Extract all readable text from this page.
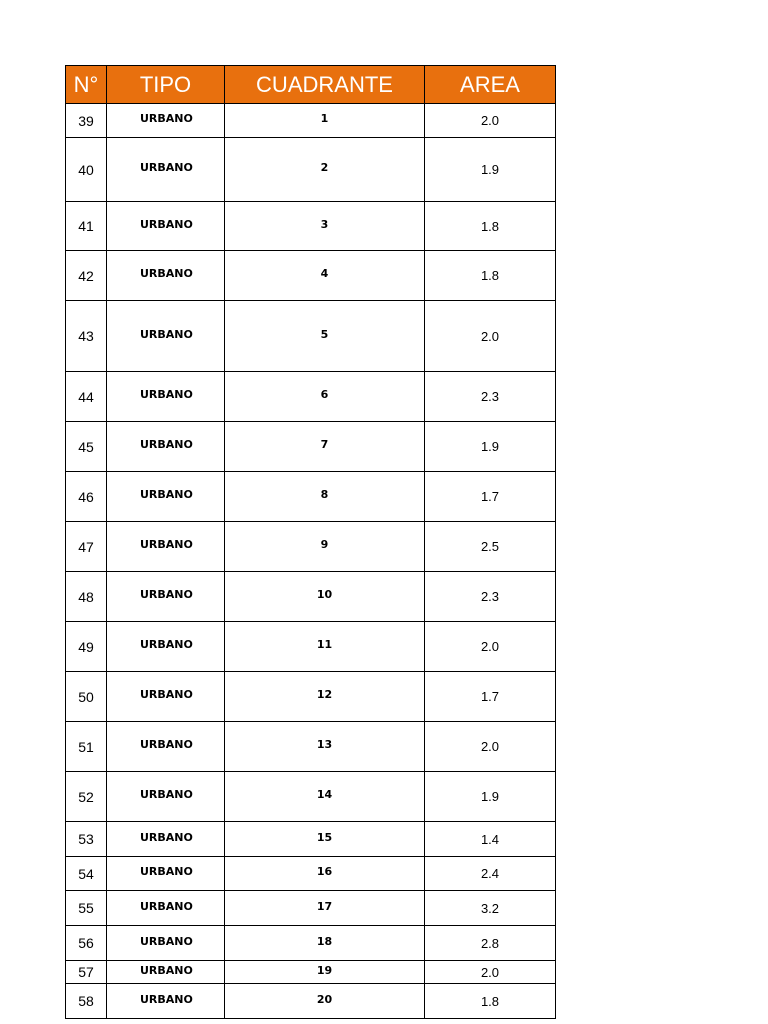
N°	TIPO	CUADRANTE	AREA
39	URBANO	1	2.0
40	URBANO	2	1.9
41	URBANO	3	1.8
42	URBANO	4	1.8
43	URBANO	5	2.0
44	URBANO	6	2.3
45	URBANO	7	1.9
46	URBANO	8	1.7
47	URBANO	9	2.5
48	URBANO	10	2.3
49	URBANO	11	2.0
50	URBANO	12	1.7
51	URBANO	13	2.0
52	URBANO	14	1.9
53	URBANO	15	1.4
54	URBANO	16	2.4
55	URBANO	17	3.2
56	URBANO	18	2.8
57	URBANO	19	2.0
58	URBANO	20	1.8
